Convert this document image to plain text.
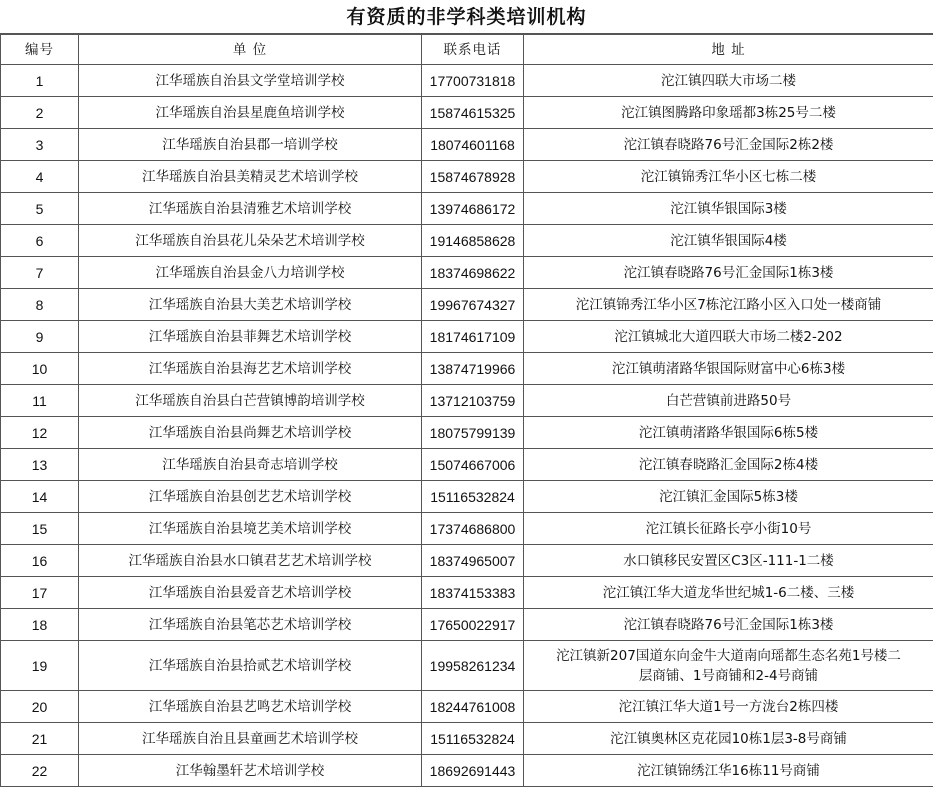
有资质的非学科类培训机构
编号	单 位	联系电话	地 址
1	江华瑶族自治县文学堂培训学校	17700731818	沱江镇四联大市场二楼
2	江华瑶族自治县星鹿鱼培训学校	15874615325	沱江镇图腾路印象瑶都3栋25号二楼
3	江华瑶族自治县郡一培训学校	18074601168	沱江镇春晓路76号汇金国际2栋2楼
4	江华瑶族自治县美精灵艺术培训学校	15874678928	沱江镇锦秀江华小区七栋二楼
5	江华瑶族自治县清雅艺术培训学校	13974686172	沱江镇华银国际3楼
6	江华瑶族自治县花儿朵朵艺术培训学校	19146858628	沱江镇华银国际4楼
7	江华瑶族自治县金八力培训学校	18374698622	沱江镇春晓路76号汇金国际1栋3楼
8	江华瑶族自治县大美艺术培训学校	19967674327	沱江镇锦秀江华小区7栋沱江路小区入口处一楼商铺
9	江华瑶族自治县菲舞艺术培训学校	18174617109	沱江镇城北大道四联大市场二楼2-202
10	江华瑶族自治县海艺艺术培训学校	13874719966	沱江镇萌渚路华银国际财富中心6栋3楼
11	江华瑶族自治县白芒营镇博韵培训学校	13712103759	白芒营镇前进路50号
12	江华瑶族自治县尚舞艺术培训学校	18075799139	沱江镇萌渚路华银国际6栋5楼
13	江华瑶族自治县奇志培训学校	15074667006	沱江镇春晓路汇金国际2栋4楼
14	江华瑶族自治县创艺艺术培训学校	15116532824	沱江镇汇金国际5栋3楼
15	江华瑶族自治县境艺美术培训学校	17374686800	沱江镇长征路长亭小街10号
16	江华瑶族自治县水口镇君艺艺术培训学校	18374965007	水口镇移民安置区C3区-111-1二楼
17	江华瑶族自治县爱音艺术培训学校	18374153383	沱江镇江华大道龙华世纪城1-6二楼、三楼
18	江华瑶族自治县笔芯艺术培训学校	17650022917	沱江镇春晓路76号汇金国际1栋3楼
19	江华瑶族自治县拾贰艺术培训学校	19958261234	沱江镇新207国道东向金牛大道南向瑶都生态名苑1号楼二
层商铺、1号商铺和2-4号商铺

20	江华瑶族自治县艺鸣艺术培训学校	18244761008	沱江镇江华大道1号一方泷台2栋四楼
21	江华瑶族自治且县童画艺术培训学校	15116532824	沱江镇奥林区克花园10栋1层3-8号商铺
22	江华翰墨轩艺术培训学校	18692691443	沱江镇锦绣江华16栋11号商铺
